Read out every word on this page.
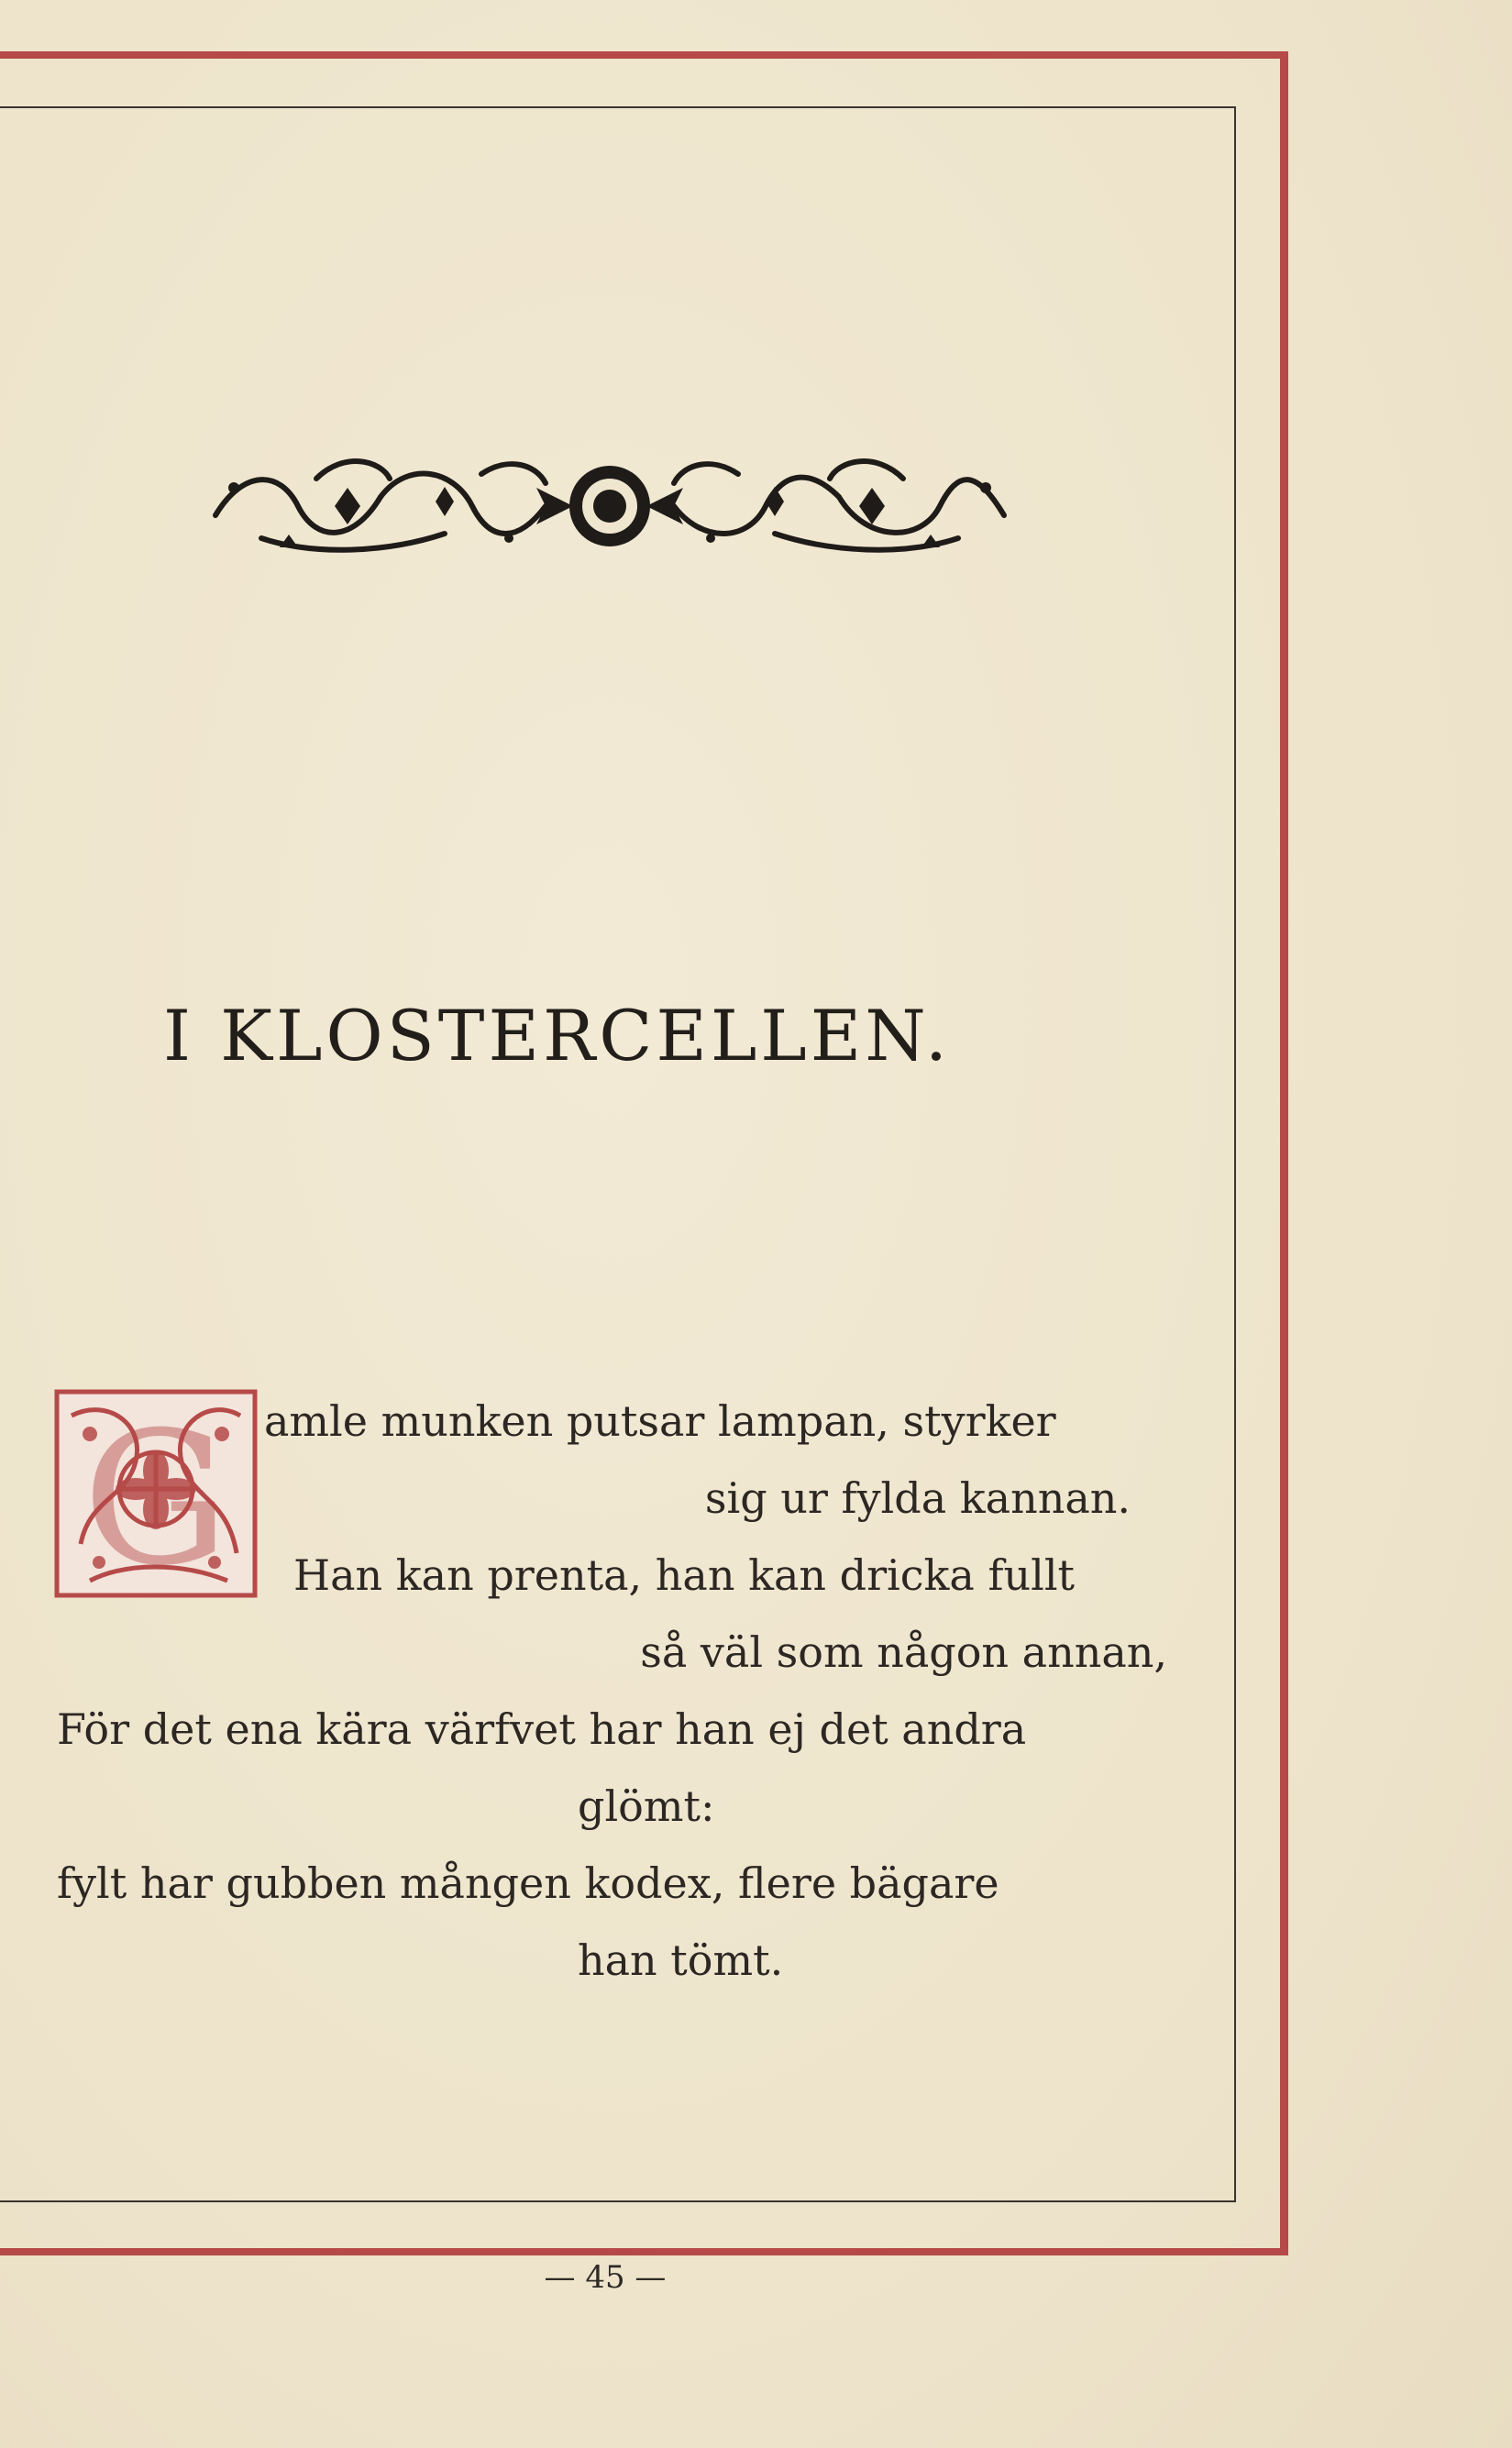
I KLOSTERCELLEN.
G amle munken putsar lampan, styrker
sig ur fylda kannan.
Han kan prenta, han kan dricka fullt
så väl som någon annan,
För det ena kära värfvet har han ej det andra
glömt:
fylt har gubben mången kodex, flere bägare
han tömt.
— 45 —
